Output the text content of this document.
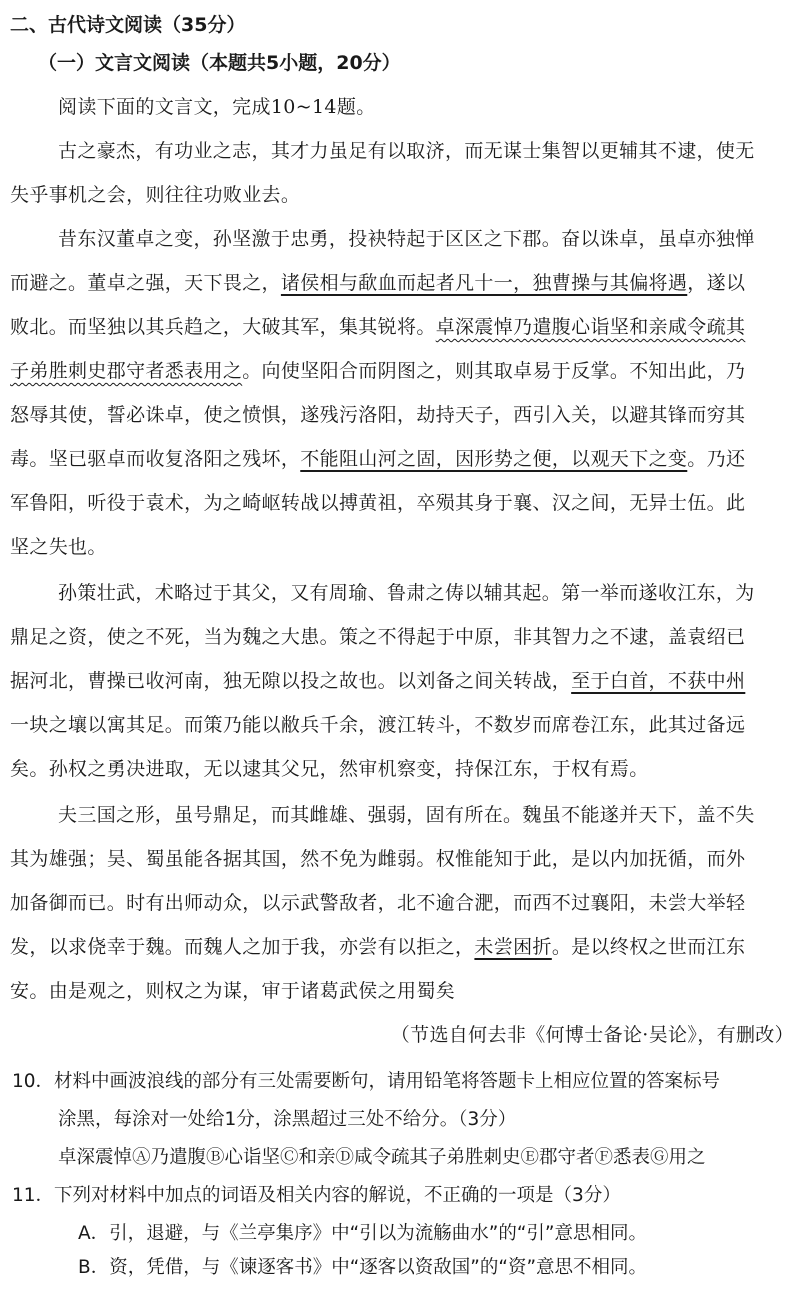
二、古代诗文阅读（35分）
（一）文言文阅读（本题共5小题，20分）
阅读下面的文言文，完成10~14题。
古之豪杰，有功业之志，其才力虽足有以取济，而无谋士集智以更辅其不逮，使无
失乎事机之会，则往往功败业去。
昔东汉董卓之变，孙坚激于忠勇，投袂特起于区区之下郡。奋以诛卓，虽卓亦独惮
而避之。董卓之强，天下畏之，诸侯相与歃血而起者凡十一，独曹操与其偏将遇，遂以
败北。而坚独以其兵趋之，大破其军，集其锐将。卓深震悼乃遣腹心诣坚和亲咸令疏其
子弟胜刺史郡守者悉表用之。向使坚阳合而阴图之，则其取卓易于反掌。不知出此，乃
怒辱其使，誓必诛卓，使之愤惧，遂残污洛阳，劫持天子，西引入关，以避其锋而穷其
毒。坚已驱卓而收复洛阳之残坏，不能阻山河之固，因形势之便，以观天下之变。乃还
军鲁阳，听役于袁术，为之崎岖转战以搏黄祖，卒殒其身于襄、汉之间，无异士伍。此
坚之失也。
孙策壮武，术略过于其父，又有周瑜、鲁肃之俦以辅其起。第一举而遂收江东，为
鼎足之资，使之不死，当为魏之大患。策之不得起于中原，非其智力之不逮，盖袁绍已
据河北，曹操已收河南，独无隙以投之故也。以刘备之间关转战，至于白首，不获中州
一块之壤以寓其足。而策乃能以敝兵千余，渡江转斗，不数岁而席卷江东，此其过备远
矣。孙权之勇决进取，无以逮其父兄，然审机察变，持保江东，于权有焉。
夫三国之形，虽号鼎足，而其雌雄、强弱，固有所在。魏虽不能遂并天下，盖不失
其为雄强；吴、蜀虽能各据其国，然不免为雌弱。权惟能知于此，是以内加抚循，而外
加备御而已。时有出师动众，以示武警敌者，北不逾合淝，而西不过襄阳，未尝大举轻
发，以求侥幸于魏。而魏人之加于我，亦尝有以拒之，未尝困折。是以终权之世而江东
安。由是观之，则权之为谋，审于诸葛武侯之用蜀矣
（节选自何去非《何博士备论·吴论》，有删改）
10．材料中画波浪线的部分有三处需要断句，请用铅笔将答题卡上相应位置的答案标号
涂黑，每涂对一处给1分，涂黑超过三处不给分。（3分）
卓深震悼Ⓐ乃遣腹Ⓑ心诣坚Ⓒ和亲Ⓓ咸令疏其子弟胜刺史Ⓔ郡守者Ⓕ悉表Ⓖ用之
11．下列对材料中加点的词语及相关内容的解说，不正确的一项是（3分）
A．引，退避，与《兰亭集序》中“引以为流觞曲水”的“引”意思相同。
B．资，凭借，与《谏逐客书》中“逐客以资敌国”的“资”意思不相同。
